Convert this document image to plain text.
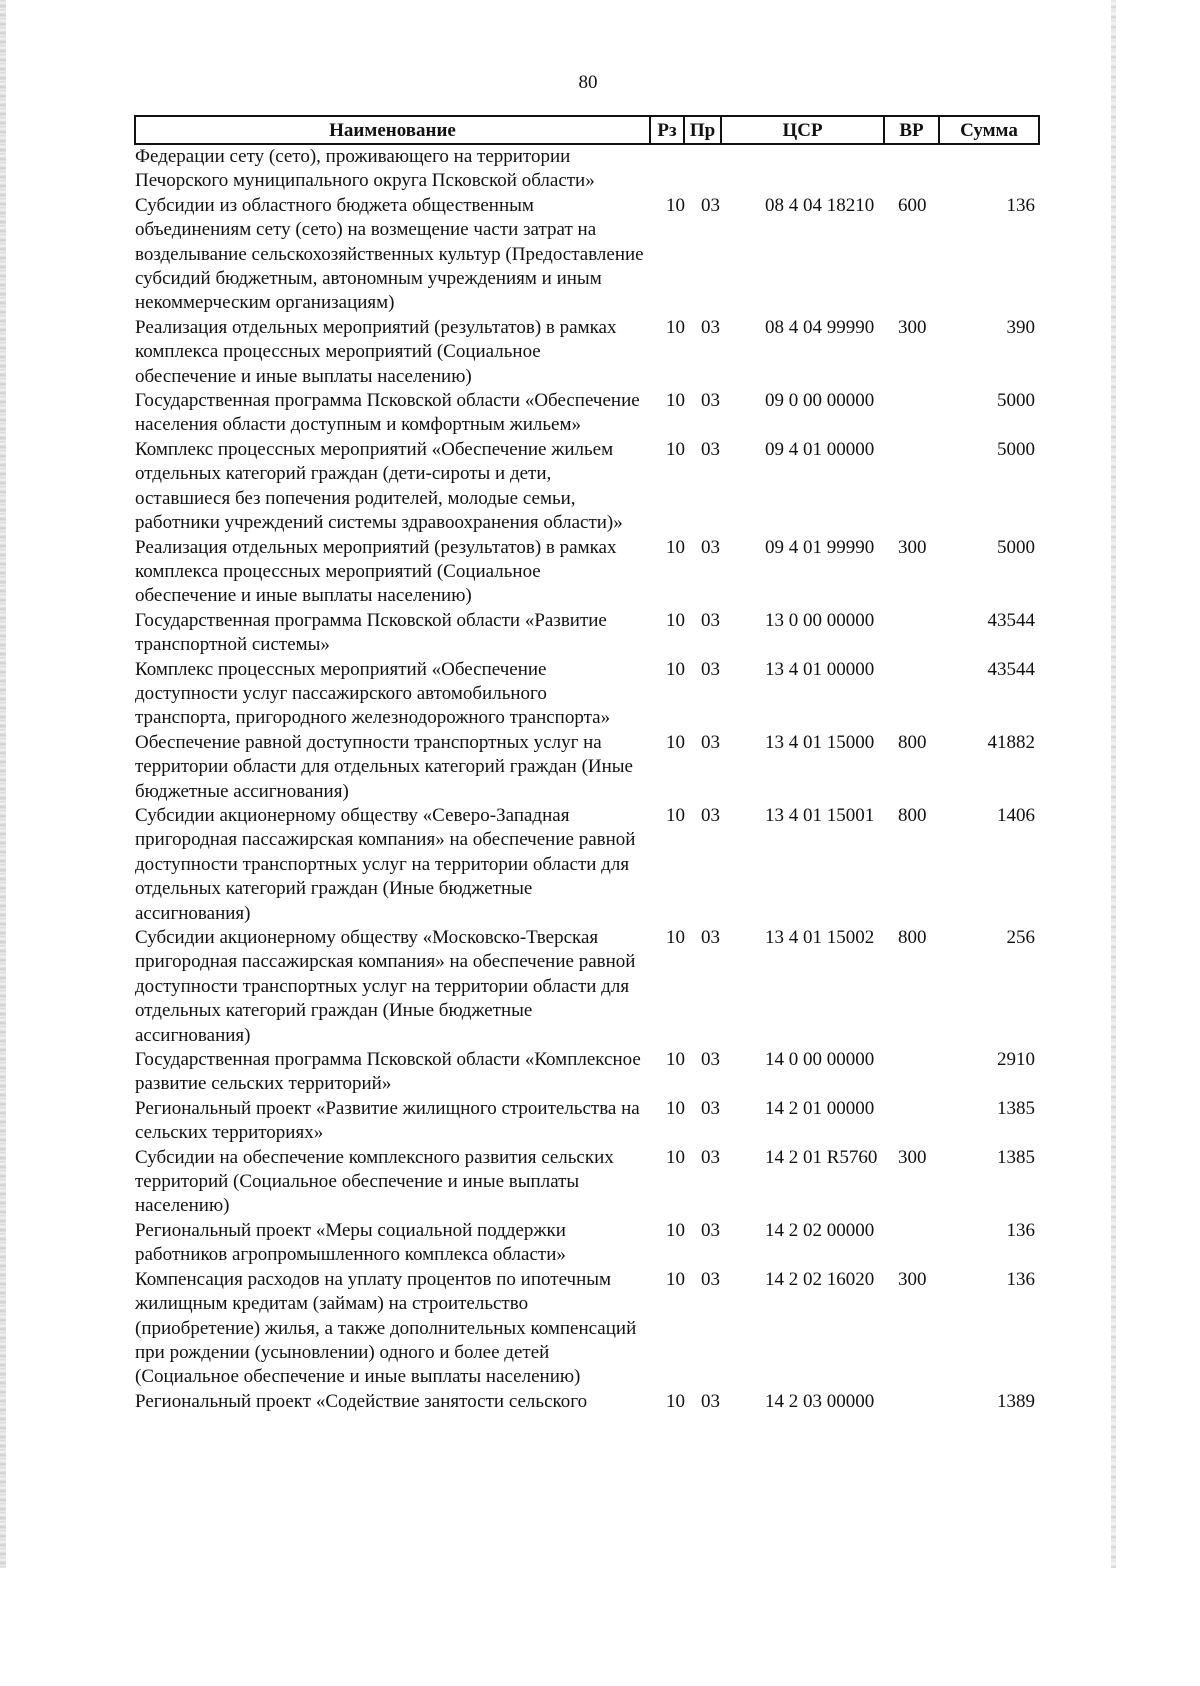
80
Наименование	Рз	Пр	ЦСР	ВР	Сумма
Федерации сету (сето), проживающего на территории Печорского муниципального округа Псковской области»					
Субсидии из областного бюджета общественным объединениям сету (сето) на возмещение части затрат на возделывание сельскохозяйственных культур (Предоставление субсидий бюджетным, автономным учреждениям и иным некоммерческим организациям)	10	03	08 4 04 18210	600	136
Реализация отдельных мероприятий (результатов) в рамках комплекса процессных мероприятий (Социальное обеспечение и иные выплаты населению)	10	03	08 4 04 99990	300	390
Государственная программа Псковской области «Обеспечение населения области доступным и комфортным жильем»	10	03	09 0 00 00000		5000
Комплекс процессных мероприятий «Обеспечение жильем отдельных категорий граждан (дети-сироты и дети, оставшиеся без попечения родителей, молодые семьи, работники учреждений системы здравоохранения области)»	10	03	09 4 01 00000		5000
Реализация отдельных мероприятий (результатов) в рамках комплекса процессных мероприятий (Социальное обеспечение и иные выплаты населению)	10	03	09 4 01 99990	300	5000
Государственная программа Псковской области «Развитие транспортной системы»	10	03	13 0 00 00000		43544
Комплекс процессных мероприятий «Обеспечение доступности услуг пассажирского автомобильного транспорта, пригородного железнодорожного транспорта»	10	03	13 4 01 00000		43544
Обеспечение равной доступности транспортных услуг на территории области для отдельных категорий граждан (Иные бюджетные ассигнования)	10	03	13 4 01 15000	800	41882
Субсидии акционерному обществу «Северо-Западная пригородная пассажирская компания» на обеспечение равной доступности транспортных услуг на территории области для отдельных категорий граждан (Иные бюджетные ассигнования)	10	03	13 4 01 15001	800	1406
Субсидии акционерному обществу «Московско-Тверская пригородная пассажирская компания» на обеспечение равной доступности транспортных услуг на территории области для отдельных категорий граждан (Иные бюджетные ассигнования)	10	03	13 4 01 15002	800	256
Государственная программа Псковской области «Комплексное развитие сельских территорий»	10	03	14 0 00 00000		2910
Региональный проект «Развитие жилищного строительства на сельских территориях»	10	03	14 2 01 00000		1385
Субсидии на обеспечение комплексного развития сельских территорий (Социальное обеспечение и иные выплаты населению)	10	03	14 2 01 R5760	300	1385
Региональный проект «Меры социальной поддержки работников агропромышленного комплекса области»	10	03	14 2 02 00000		136
Компенсация расходов на уплату процентов по ипотечным жилищным кредитам (займам) на строительство (приобретение) жилья, а также дополнительных компенсаций при рождении (усыновлении) одного и более детей (Социальное обеспечение и иные выплаты населению)	10	03	14 2 02 16020	300	136
Региональный проект «Содействие занятости сельского	10	03	14 2 03 00000		1389
